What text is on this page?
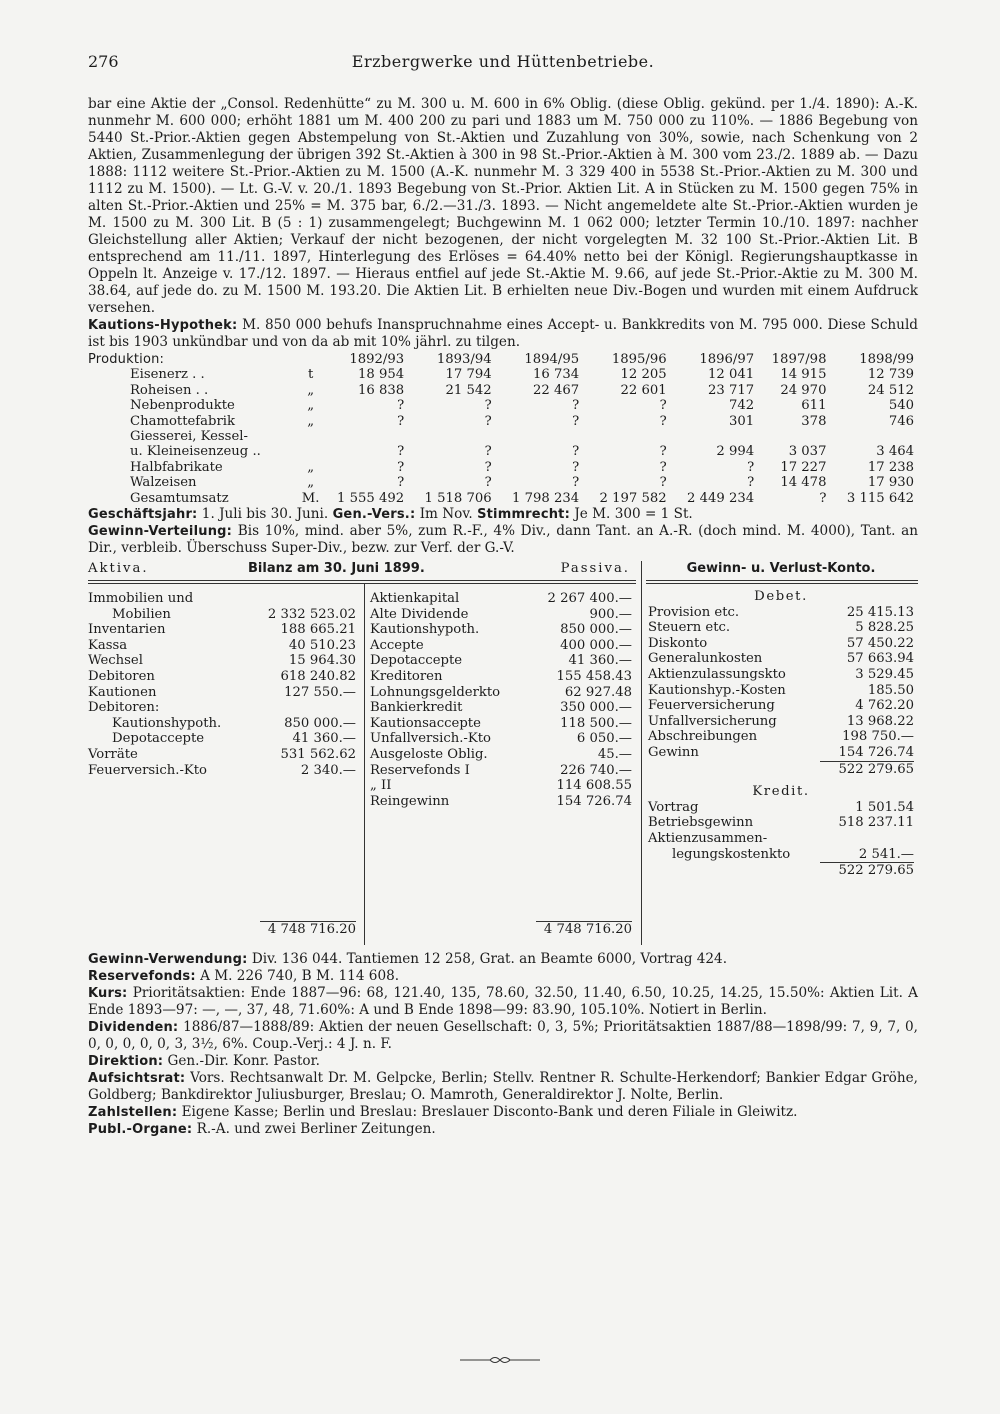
276	Erzbergwerke und Hüttenbetriebe.
bar eine Aktie der „Consol. Redenhütte“ zu M. 300 u. M. 600 in 6% Oblig. (diese Oblig. gekünd. per 1./4. 1890): A.-K. nunmehr M. 600 000; erhöht 1881 um M. 400 200 zu pari und 1883 um M. 750 000 zu 110%. — 1886 Begebung von 5440 St.-Prior.-Aktien gegen Abstempelung von St.-Aktien und Zuzahlung von 30%, sowie, nach Schenkung von 2 Aktien, Zusammenlegung der übrigen 392 St.-Aktien à 300 in 98 St.-Prior.-Aktien à M. 300 vom 23./2. 1889 ab. — Dazu 1888: 1112 weitere St.-Prior.-Aktien zu M. 1500 (A.-K. nunmehr M. 3 329 400 in 5538 St.-Prior.-Aktien zu M. 300 und 1112 zu M. 1500). — Lt. G.-V. v. 20./1. 1893 Begebung von St.-Prior. Aktien Lit. A in Stücken zu M. 1500 gegen 75% in alten St.-Prior.-Aktien und 25% = M. 375 bar, 6./2.—31./3. 1893. — Nicht angemeldete alte St.-Prior.-Aktien wurden je M. 1500 zu M. 300 Lit. B (5 : 1) zusammengelegt; Buchgewinn M. 1 062 000; letzter Termin 10./10. 1897: nachher Gleichstellung aller Aktien; Verkauf der nicht bezogenen, der nicht vorgelegten M. 32 100 St.-Prior.-Aktien Lit. B entsprechend am 11./11. 1897, Hinterlegung des Erlöses = 64.40% netto bei der Königl. Regierungshauptkasse in Oppeln lt. Anzeige v. 17./12. 1897. — Hieraus entfiel auf jede St.-Aktie M. 9.66, auf jede St.-Prior.-Aktie zu M. 300 M. 38.64, auf jede do. zu M. 1500 M. 193.20. Die Aktien Lit. B erhielten neue Div.-Bogen und wurden mit einem Aufdruck versehen.
Kautions-Hypothek: M. 850 000 behufs Inanspruchnahme eines Accept- u. Bankkredits von M. 795 000. Diese Schuld ist bis 1903 unkündbar und von da ab mit 10% jährl. zu tilgen.
Produktion:		1892/93	1893/94	1894/95	1895/96	1896/97	1897/98	1898/99
Eisenerz . .	t	18 954	17 794	16 734	12 205	12 041	14 915	12 739
Roheisen . .	„	16 838	21 542	22 467	22 601	23 717	24 970	24 512
Nebenprodukte	„	?	?	?	?	742	611	540
Chamottefabrik	„	?	?	?	?	301	378	746
Giesserei, Kessel-								
u. Kleineisenzeug ..		?	?	?	?	2 994	3 037	3 464
Halbfabrikate	„	?	?	?	?	?	17 227	17 238
Walzeisen	„	?	?	?	?	?	14 478	17 930
Gesamtumsatz	M.	1 555 492	1 518 706	1 798 234	2 197 582	2 449 234	?	3 115 642
Geschäftsjahr: 1. Juli bis 30. Juni. Gen.-Vers.: Im Nov. Stimmrecht: Je M. 300 = 1 St.
Gewinn-Verteilung: Bis 10%, mind. aber 5%, zum R.-F., 4% Div., dann Tant. an A.-R. (doch mind. M. 4000), Tant. an Dir., verbleib. Überschuss Super-Div., bezw. zur Verf. der G.-V.
Aktiva.	Bilanz am 30. Juni 1899.	Passiva.	Gewinn- u. Verlust-Konto.
Immobilien und
Mobilien	2 332 523.02
Inventarien	188 665.21
Kassa	40 510.23
Wechsel	15 964.30
Debitoren	618 240.82
Kautionen	127 550.—
Debitoren:
Kautionshypoth.	850 000.—
Depotaccepte	41 360.—
Vorräte	531 562.62
Feuerversich.-Kto	2 340.—
Aktienkapital	2 267 400.—
Alte Dividende	900.—
Kautionshypoth.	850 000.—
Accepte	400 000.—
Depotaccepte	41 360.—
Kreditoren	155 458.43
Lohnungsgelderkto	62 927.48
Bankierkredit	350 000.—
Kautionsaccepte	118 500.—
Unfallversich.-Kto	6 050.—
Ausgeloste Oblig.	45.—
Reservefonds I	226 740.—
„ II	114 608.55
Reingewinn	154 726.74
4 748 716.20	4 748 716.20
Debet.
Provision etc.	25 415.13
Steuern etc.	5 828.25
Diskonto	57 450.22
Generalunkosten	57 663.94
Aktienzulassungskto	3 529.45
Kautionshyp.-Kosten	185.50
Feuerversicherung	4 762.20
Unfallversicherung	13 968.22
Abschreibungen	198 750.—
Gewinn	154 726.74
522 279.65
Kredit.
Vortrag	1 501.54
Betriebsgewinn	518 237.11
Aktienzusammen-
legungskostenkto	2 541.—
522 279.65
Gewinn-Verwendung: Div. 136 044. Tantiemen 12 258, Grat. an Beamte 6000, Vortrag 424.
Reservefonds: A M. 226 740, B M. 114 608.
Kurs: Prioritätsaktien: Ende 1887—96: 68, 121.40, 135, 78.60, 32.50, 11.40, 6.50, 10.25, 14.25, 15.50%: Aktien Lit. A Ende 1893—97: —, —, 37, 48, 71.60%: A und B Ende 1898—99: 83.90, 105.10%. Notiert in Berlin.
Dividenden: 1886/87—1888/89: Aktien der neuen Gesellschaft: 0, 3, 5%; Prioritätsaktien 1887/88—1898/99: 7, 9, 7, 0, 0, 0, 0, 0, 0, 3, 3½, 6%. Coup.-Verj.: 4 J. n. F.
Direktion: Gen.-Dir. Konr. Pastor.
Aufsichtsrat: Vors. Rechtsanwalt Dr. M. Gelpcke, Berlin; Stellv. Rentner R. Schulte-Herkendorf; Bankier Edgar Gröhe, Goldberg; Bankdirektor Juliusburger, Breslau; O. Mamroth, Generaldirektor J. Nolte, Berlin.
Zahlstellen: Eigene Kasse; Berlin und Breslau: Breslauer Disconto-Bank und deren Filiale in Gleiwitz.
Publ.-Organe: R.-A. und zwei Berliner Zeitungen.
